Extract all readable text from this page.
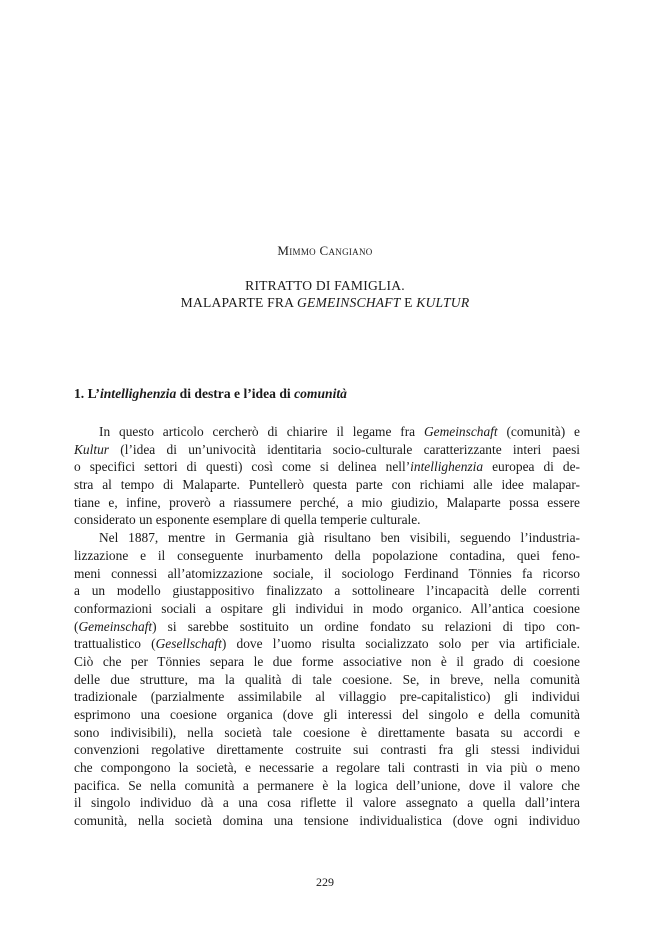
Mimmo Cangiano
RITRATTO DI FAMIGLIA.
MALAPARTE FRA GEMEINSCHAFT E KULTUR
1. L’intellighenzia di destra e l’idea di comunità
In questo articolo cercherò di chiarire il legame fra Gemeinschaft (comunità) e
Kultur (l’idea di un’univocità identitaria socio-culturale caratterizzante interi paesi
o specifici settori di questi) così come si delinea nell’intellighenzia europea di de-
stra al tempo di Malaparte. Puntellerò questa parte con richiami alle idee malapar-
tiane e, infine, proverò a riassumere perché, a mio giudizio, Malaparte possa essere
considerato un esponente esemplare di quella temperie culturale.
Nel 1887, mentre in Germania già risultano ben visibili, seguendo l’industria-
lizzazione e il conseguente inurbamento della popolazione contadina, quei feno-
meni connessi all’atomizzazione sociale, il sociologo Ferdinand Tönnies fa ricorso
a un modello giustappositivo finalizzato a sottolineare l’incapacità delle correnti
conformazioni sociali a ospitare gli individui in modo organico. All’antica coesione
(Gemeinschaft) si sarebbe sostituito un ordine fondato su relazioni di tipo con-
trattualistico (Gesellschaft) dove l’uomo risulta socializzato solo per via artificiale.
Ciò che per Tönnies separa le due forme associative non è il grado di coesione
delle due strutture, ma la qualità di tale coesione. Se, in breve, nella comunità
tradizionale (parzialmente assimilabile al villaggio pre-capitalistico) gli individui
esprimono una coesione organica (dove gli interessi del singolo e della comunità
sono indivisibili), nella società tale coesione è direttamente basata su accordi e
convenzioni regolative direttamente costruite sui contrasti fra gli stessi individui
che compongono la società, e necessarie a regolare tali contrasti in via più o meno
pacifica. Se nella comunità a permanere è la logica dell’unione, dove il valore che
il singolo individuo dà a una cosa riflette il valore assegnato a quella dall’intera
comunità, nella società domina una tensione individualistica (dove ogni individuo
229
